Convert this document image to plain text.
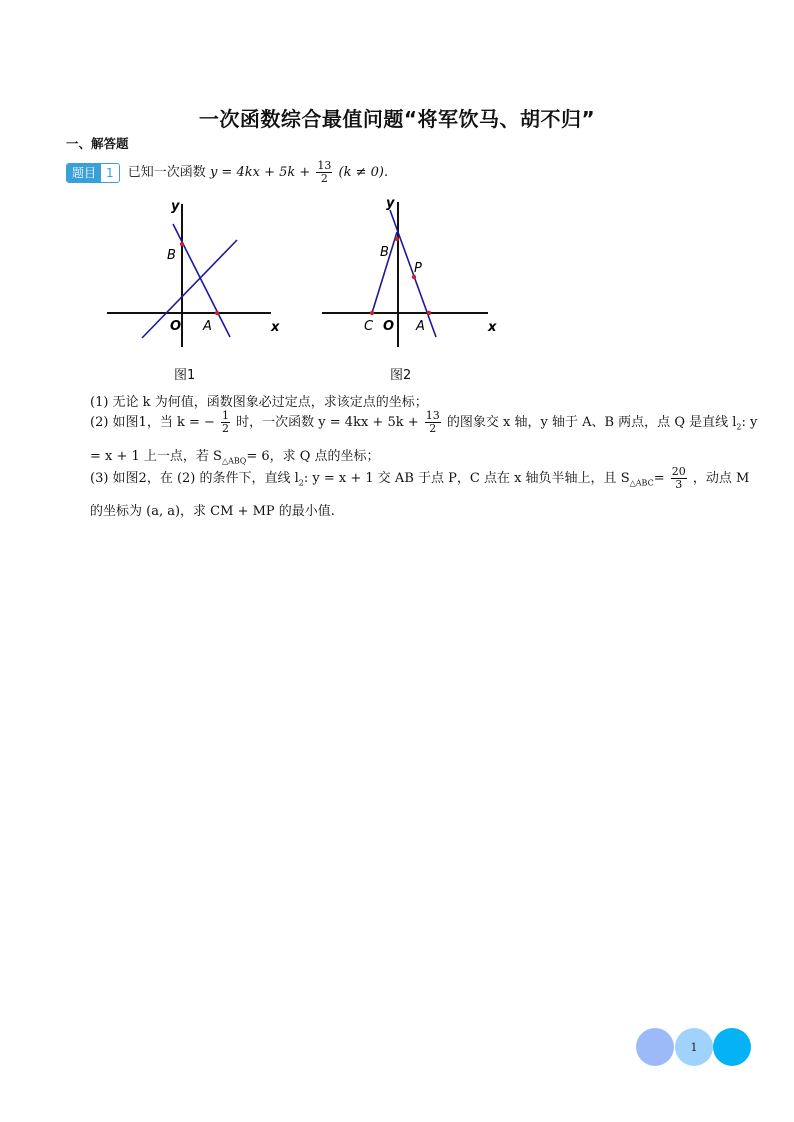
一次函数综合最值问题“将军饮马、胡不归”
一、解答题
题目 1	已知一次函数 $y = 4kx + 5k + \frac{13}{2} (k \ne 0)$.
y
x
B
O A
图1
y
x
B
P
C O A
图2
(1) 无论 k 为何值，函数图象必过定点，求该定点的坐标；
(2) 如图1，当 k = − $\frac{1}{2}$ 时，一次函数 $y = 4kx + 5k + \frac{13}{2}$ 的图象交 x 轴，y 轴于 A、B 两点，点 Q 是直线 $l_2$: y
= x + 1 上一点，若 $S_{\triangle ABQ}= 6$，求 Q 点的坐标；
(3) 如图2，在 (2) 的条件下，直线 $l_2$: y = x + 1 交 AB 于点 P，C 点在 x 轴负半轴上，且 $S_{\triangle ABC}= \frac{20}{3}$ ，动点 M
的坐标为 (a, a)，求 CM + MP 的最小值.
1
